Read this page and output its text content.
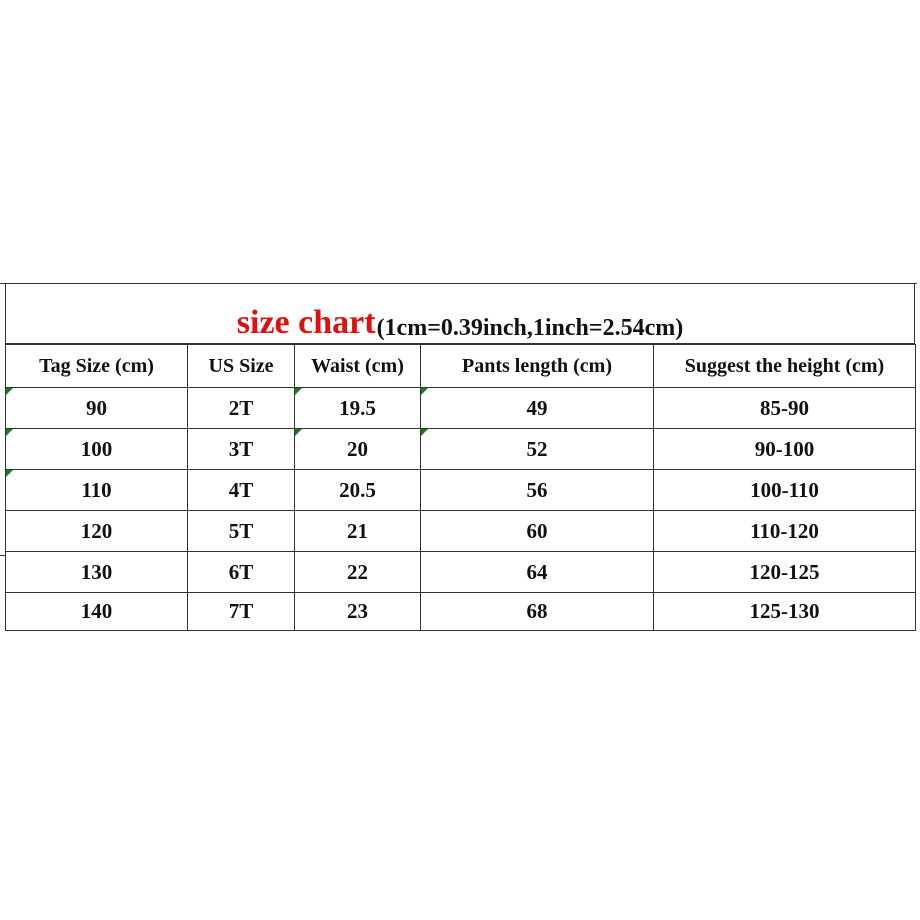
size chart (1cm=0.39inch,1inch=2.54cm)
Tag Size (cm)	US Size	Waist (cm)	Pants length (cm)	Suggest the height (cm)

90	2T	19.5	49	85-90

100	3T	20	52	90-100

110	4T	20.5	56	100-110
120	5T	21	60	110-120
130	6T	22	64	120-125
140	7T	23	68	125-130
